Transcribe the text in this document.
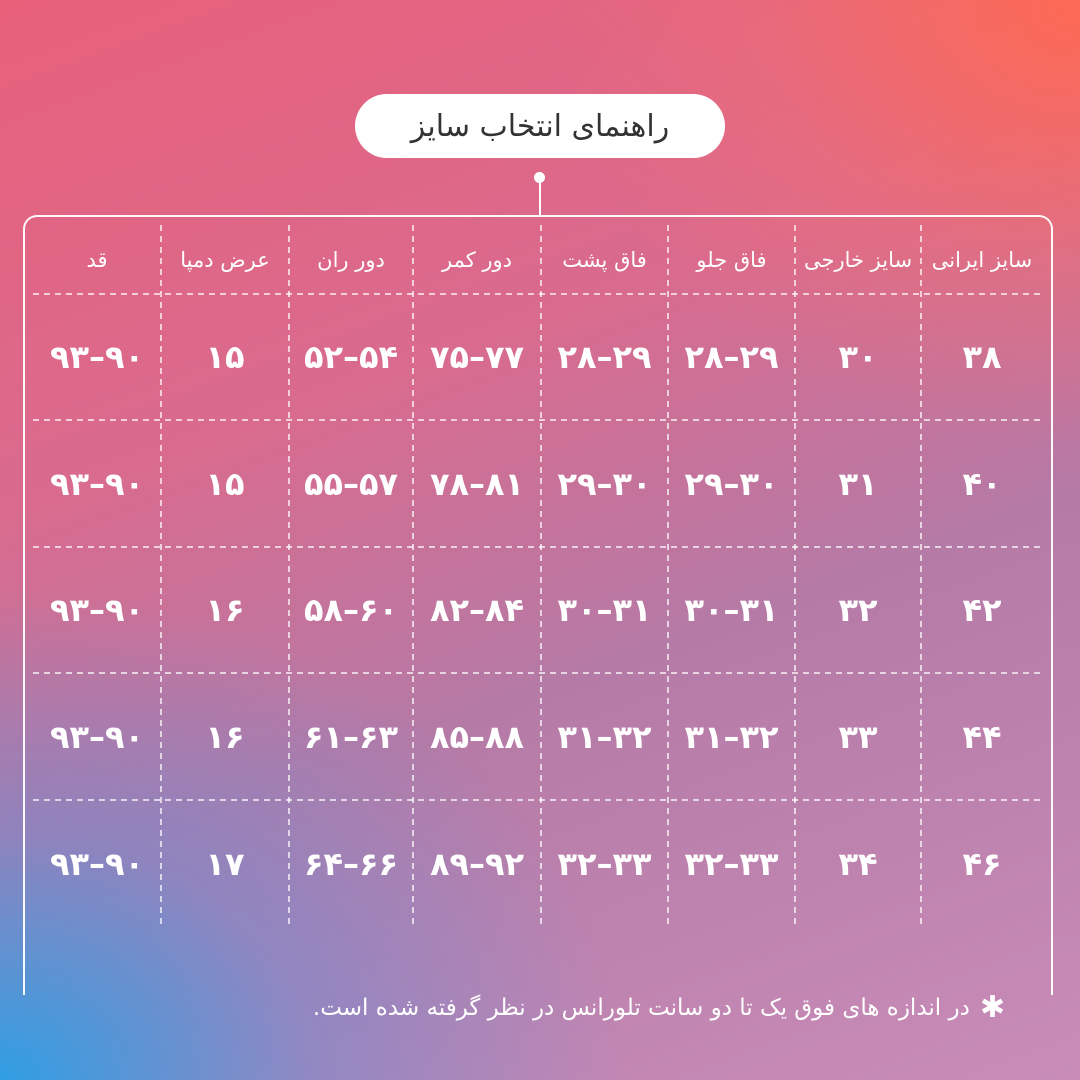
راهنمای انتخاب سایز
سایز ایرانی
سایز خارجی
فاق جلو
فاق پشت
دور کمر
دور ران
عرض دمپا
قد
۳۸
۳۰
۲۸–۲۹
۲۸–۲۹
۷۵–۷۷
۵۲–۵۴
۱۵
۹۳–۹۰
۴۰
۳۱
۲۹–۳۰
۲۹–۳۰
۷۸–۸۱
۵۵–۵۷
۱۵
۹۳–۹۰
۴۲
۳۲
۳۰–۳۱
۳۰–۳۱
۸۲–۸۴
۵۸–۶۰
۱۶
۹۳–۹۰
۴۴
۳۳
۳۱–۳۲
۳۱–۳۲
۸۵–۸۸
۶۱–۶۳
۱۶
۹۳–۹۰
۴۶
۳۴
۳۲–۳۳
۳۲–۳۳
۸۹–۹۲
۶۴–۶۶
۱۷
۹۳–۹۰
✱
در اندازه های فوق یک تا دو سانت تلورانس در نظر گرفته شده است.
